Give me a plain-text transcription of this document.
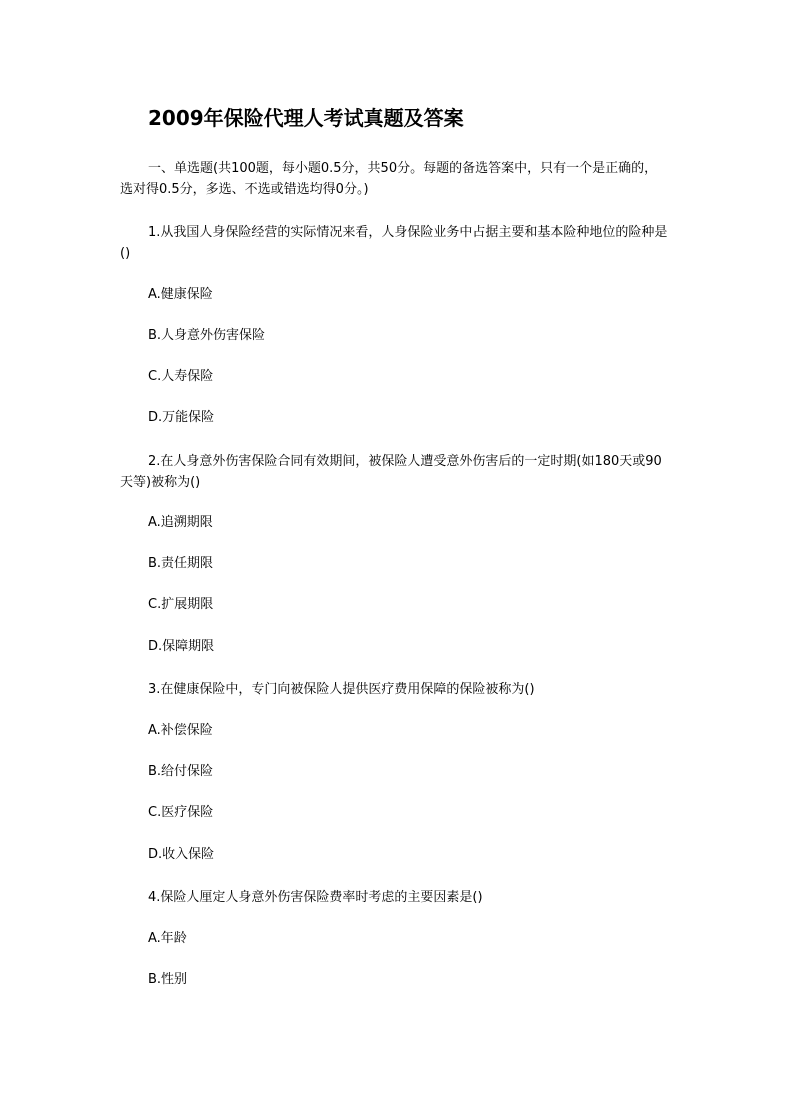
2009年保险代理人考试真题及答案

一、单选题(共100题，每小题0.5分，共50分。每题的备选答案中，只有一个是正确的，选对得0.5分，多选、不选或错选均得0分。)

1.从我国人身保险经营的实际情况来看，人身保险业务中占据主要和基本险种地位的险种是()

A.健康保险
B.人身意外伤害保险
C.人寿保险
D.万能保险

2.在人身意外伤害保险合同有效期间，被保险人遭受意外伤害后的一定时期(如180天或90天等)被称为()

A.追溯期限
B.责任期限
C.扩展期限
D.保障期限

3.在健康保险中，专门向被保险人提供医疗费用保障的保险被称为()

A.补偿保险
B.给付保险
C.医疗保险
D.收入保险

4.保险人厘定人身意外伤害保险费率时考虑的主要因素是()

A.年龄
B.性别
